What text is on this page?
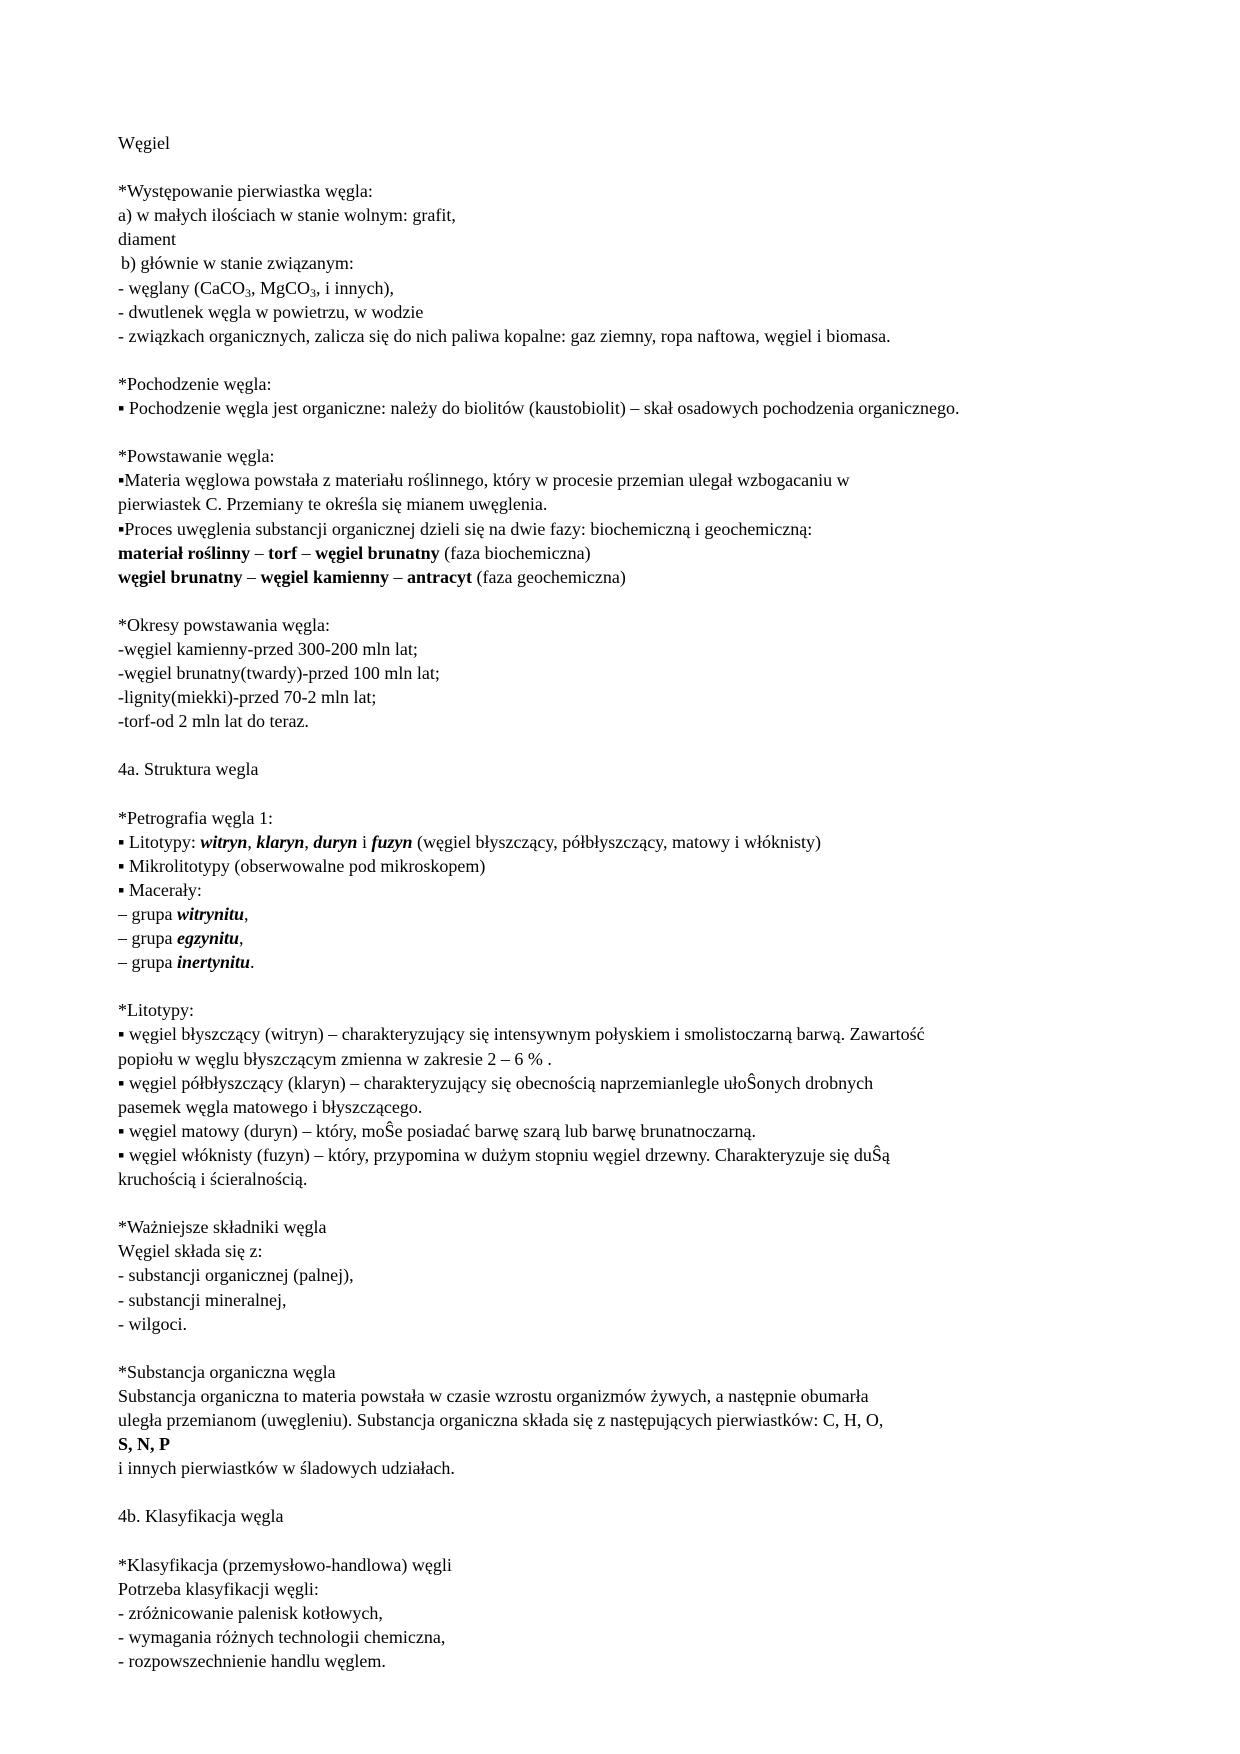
Węgiel
*Występowanie pierwiastka węgla:
a) w małych ilościach w stanie wolnym: grafit,
diament
b) głównie w stanie związanym:
- węglany (CaCO$_3$, MgCO$_3$, i innych),
- dwutlenek węgla w powietrzu, w wodzie
- związkach organicznych, zalicza się do nich paliwa kopalne: gaz ziemny, ropa naftowa, węgiel i biomasa.
*Pochodzenie węgla:
▪ Pochodzenie węgla jest organiczne: należy do biolitów (kaustobiolit) – skał osadowych pochodzenia organicznego.
*Powstawanie węgla:
▪Materia węglowa powstała z materiału roślinnego, który w procesie przemian ulegał wzbogacaniu w
pierwiastek C. Przemiany te określa się mianem uwęglenia.
▪Proces uwęglenia substancji organicznej dzieli się na dwie fazy: biochemiczną i geochemiczną:
materiał roślinny – torf – węgiel brunatny (faza biochemiczna)
węgiel brunatny – węgiel kamienny – antracyt (faza geochemiczna)
*Okresy powstawania węgla:
-węgiel kamienny-przed 300-200 mln lat;
-węgiel brunatny(twardy)-przed 100 mln lat;
-lignity(miekki)-przed 70-2 mln lat;
-torf-od 2 mln lat do teraz.
4a. Struktura wegla
*Petrografia węgla 1:
▪ Litotypy: witryn, klaryn, duryn i fuzyn (węgiel błyszczący, półbłyszczący, matowy i włóknisty)
▪ Mikrolitotypy (obserwowalne pod mikroskopem)
▪ Macerały:
– grupa witrynitu,
– grupa egzynitu,
– grupa inertynitu.
*Litotypy:
▪ węgiel błyszczący (witryn) – charakteryzujący się intensywnym połyskiem i smolistoczarną barwą. Zawartość
popiołu w węglu błyszczącym zmienna w zakresie 2 – 6 % .
▪ węgiel półbłyszczący (klaryn) – charakteryzujący się obecnością naprzemianlegle ułoŜonych drobnych
pasemek węgla matowego i błyszczącego.
▪ węgiel matowy (duryn) – który, moŜe posiadać barwę szarą lub barwę brunatnoczarną.
▪ węgiel włóknisty (fuzyn) – który, przypomina w dużym stopniu węgiel drzewny. Charakteryzuje się duŜą
kruchością i ścieralnością.
*Ważniejsze składniki węgla
Węgiel składa się z:
- substancji organicznej (palnej),
- substancji mineralnej,
- wilgoci.
*Substancja organiczna węgla
Substancja organiczna to materia powstała w czasie wzrostu organizmów żywych, a następnie obumarła
uległa przemianom (uwęgleniu). Substancja organiczna składa się z następujących pierwiastków: C, H, O,
S, N, P
i innych pierwiastków w śladowych udziałach.
4b. Klasyfikacja węgla
*Klasyfikacja (przemysłowo-handlowa) węgli
Potrzeba klasyfikacji węgli:
- zróżnicowanie palenisk kotłowych,
- wymagania różnych technologii chemiczna,
- rozpowszechnienie handlu węglem.
